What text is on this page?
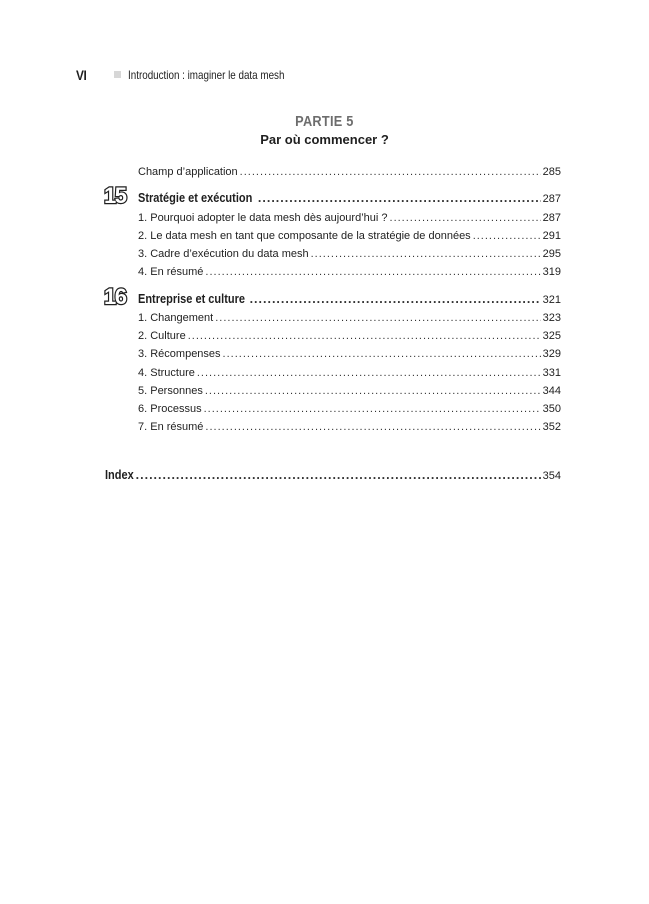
VI	Introduction : imaginer le data mesh
PARTIE 5
Par où commencer ?
Champ d’application .....	285
15 Stratégie et exécution .....	287
1. Pourquoi adopter le data mesh dès aujourd’hui ? .....	287
2. Le data mesh en tant que composante de la stratégie de données .....	291
3. Cadre d’exécution du data mesh .....	295
4. En résumé .....	319
16 Entreprise et culture .....	321
1. Changement .....	323
2. Culture .....	325
3. Récompenses .....	329
4. Structure .....	331
5. Personnes .....	344
6. Processus .....	350
7. En résumé .....	352
Index .....	354
